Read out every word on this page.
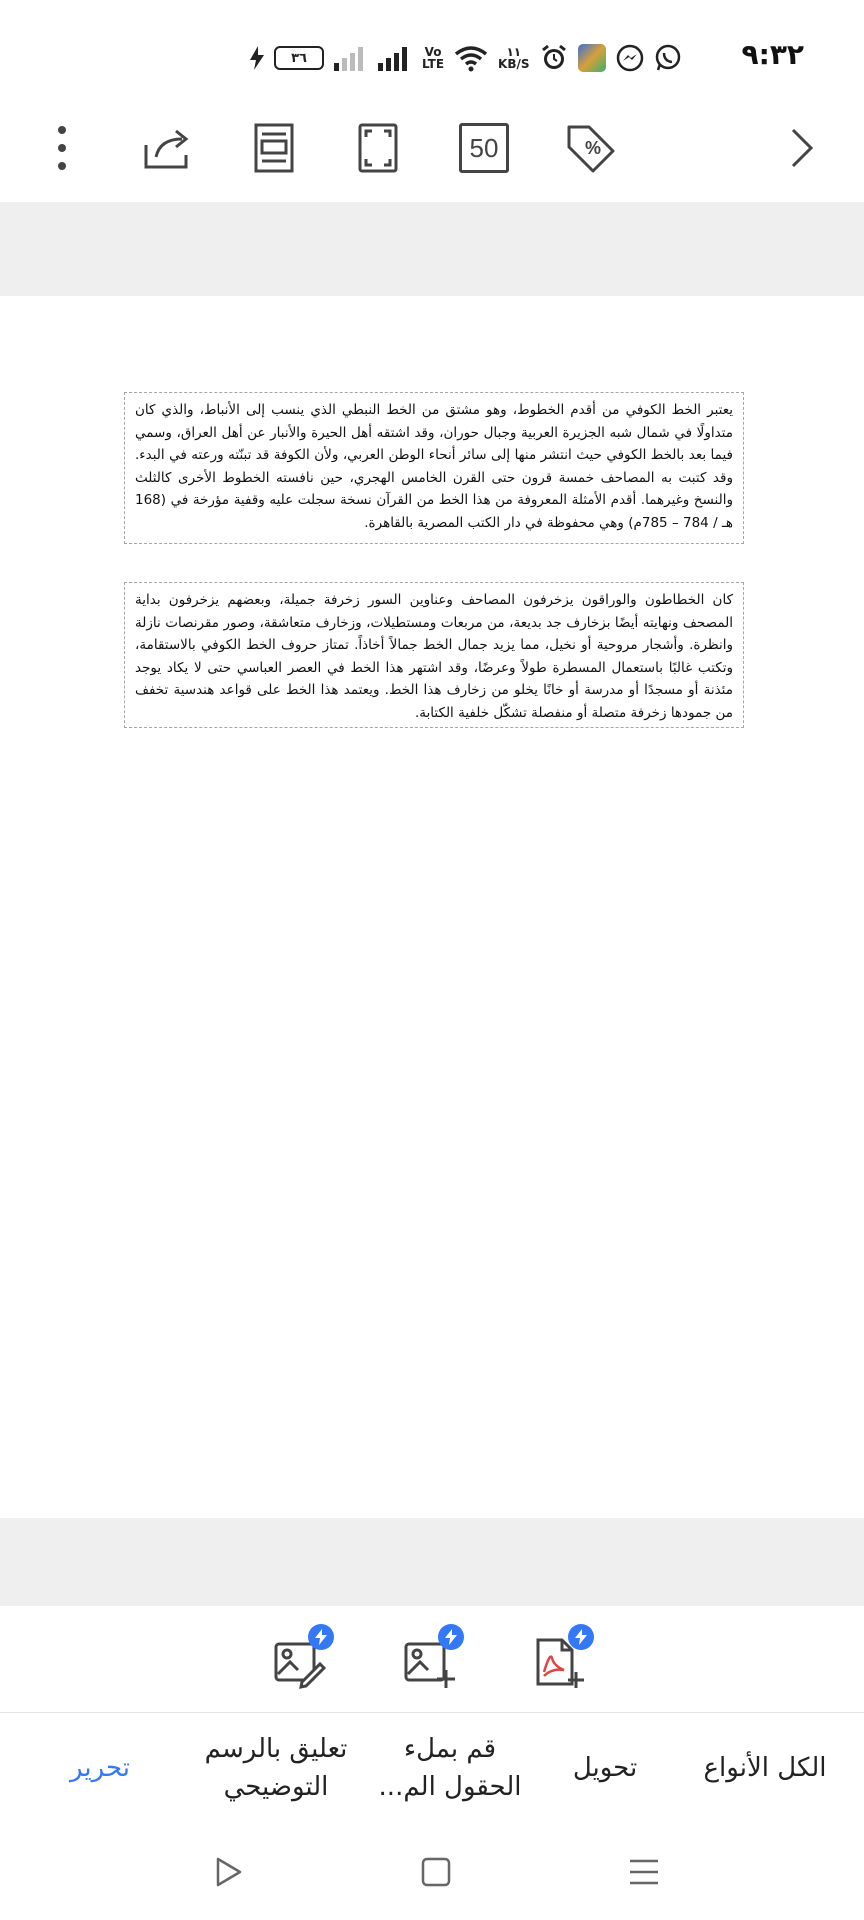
٣٦	Vo
LTE
١١
KB/S	٩:٣٢
50	%
يعتبر الخط الكوفي من أقدم الخطوط، وهو مشتق من الخط النبطي الذي ينسب إلى الأنباط، والذي كان متداولًا في شمال شبه الجزيرة العربية وجبال حوران، وقد اشتقه أهل الحيرة والأنبار عن أهل العراق، وسمي فيما بعد بالخط الكوفي حيث انتشر منها إلى سائر أنحاء الوطن العربي، ولأن الكوفة قد تبنّته ورعته في البدء. وقد كتبت به المصاحف خمسة قرون حتى القرن الخامس الهجري، حين نافسته الخطوط الأخرى كالثلث والنسخ وغيرهما. أقدم الأمثلة المعروفة من هذا الخط من القرآن نسخة سجلت عليه وقفية مؤرخة في (168 هـ / 784 – 785م) وهي محفوظة في دار الكتب المصرية بالقاهرة.
كان الخطاطون والوراقون يزخرفون المصاحف وعناوين السور زخرفة جميلة، وبعضهم يزخرفون بداية المصحف ونهايته أيضًا بزخارف جد بديعة، من مربعات ومستطيلات، وزخارف متعاشقة، وصور مقرنصات نازلة وانظرة. وأشجار مروحية أو نخيل، مما يزيد جمال الخط جمالاً أخاذاً. تمتاز حروف الخط الكوفي بالاستقامة، وتكتب غالبًا باستعمال المسطرة طولاً وعرضًا، وقد اشتهر هذا الخط في العصر العباسي حتى لا يكاد يوجد مئذنة أو مسجدًا أو مدرسة أو خانًا يخلو من زخارف هذا الخط. ويعتمد هذا الخط على قواعد هندسية تخفف من جمودها زخرفة متصلة أو منفصلة تشكّل خلفية الكتابة.
الكل الأنواع
تحويل
قم بملء
الحقول الم...
تعليق بالرسم
التوضيحي
تحرير
